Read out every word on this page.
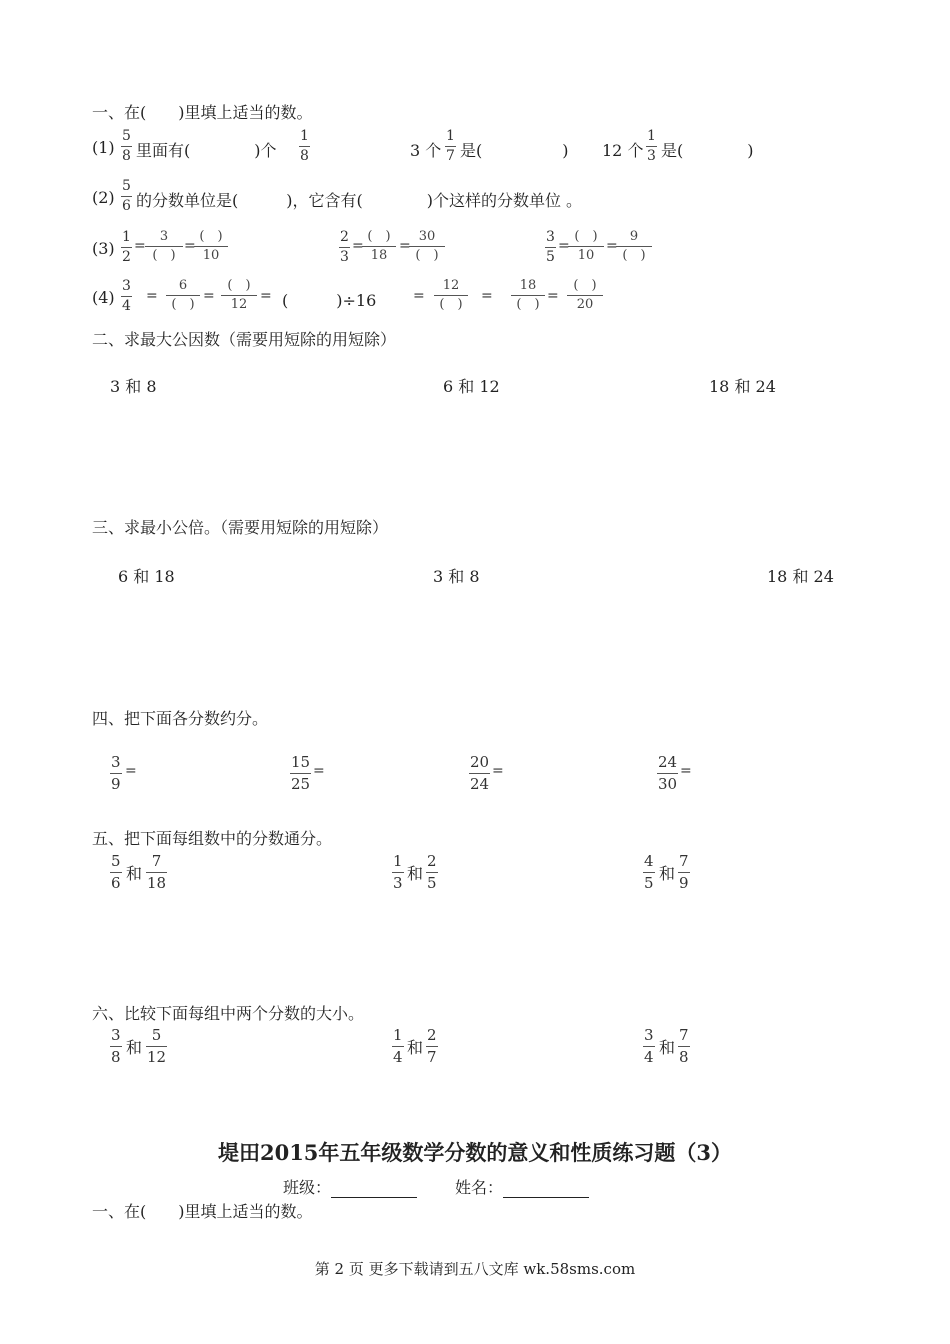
一、在(　　)里填上适当的数。
(1)
5
8 里面有(　　　　)个
1
8	3 个
1
7 是(　　　　　) 12 个
1
3 是(　　　　)
(2)
5
6 的分数单位是(　　　)，它含有(　　　　)个这样的分数单位 。
(3)
1
2
=
3
(　)
=
(　)
10
2
3
=
(　)
18
=
30
(　)
3
5
=
(　)
10
=
9
(　)
(4)
3
4
=
6
(　)
=
(　)
12
= (　　　)÷16	=
12
(　)
=
18
(　)
=
(　)
20
二、求最大公因数（需要用短除的用短除）
3 和 8	6 和 12	18 和 24
三、求最小公倍。（需要用短除的用短除）
6 和 18	3 和 8	18 和 24
四、把下面各分数约分。
3
9
=	15
25
=	20
24
=	24
30
=
五、把下面每组数中的分数通分。
5
6 和
7
18
1
3 和
2
5
4
5 和
7
9
六、比较下面每组中两个分数的大小。
3
8 和
5
12
1
4 和
2
7
3
4 和
7
8
堤田2015年五年级数学分数的意义和性质练习题（3）
班级：	姓名：
一、在(　　)里填上适当的数。
第 2 页 更多下载请到五八文库 wk.58sms.com
